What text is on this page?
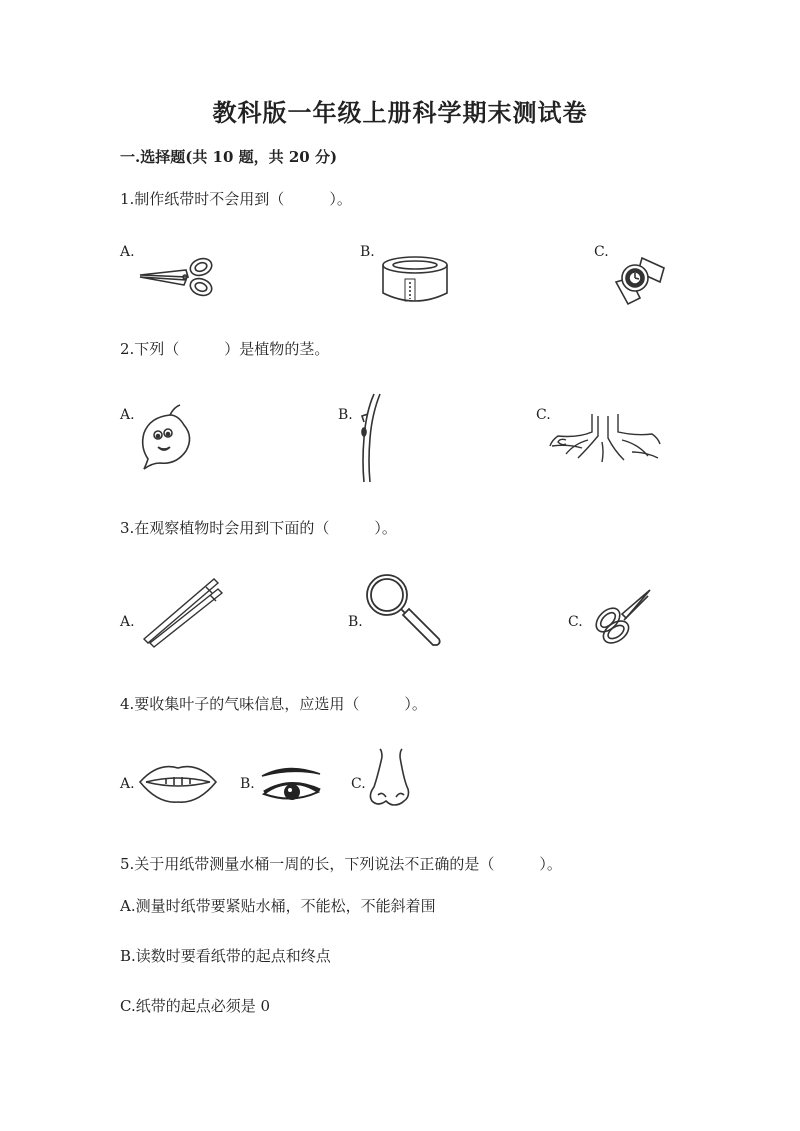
教科版一年级上册科学期末测试卷
一.选择题(共 10 题，共 20 分)
1.制作纸带时不会用到（　　　）。
A.	B.	C.
2.下列（　　　）是植物的茎。
A.	B.	C.
3.在观察植物时会用到下面的（　　　）。
A.	B.	C.
4.要收集叶子的气味信息，应选用（　　　）。
A.	B.	C.
5.关于用纸带测量水桶一周的长，下列说法不正确的是（　　　）。
A.测量时纸带要紧贴水桶，不能松，不能斜着围
B.读数时要看纸带的起点和终点
C.纸带的起点必须是 0
